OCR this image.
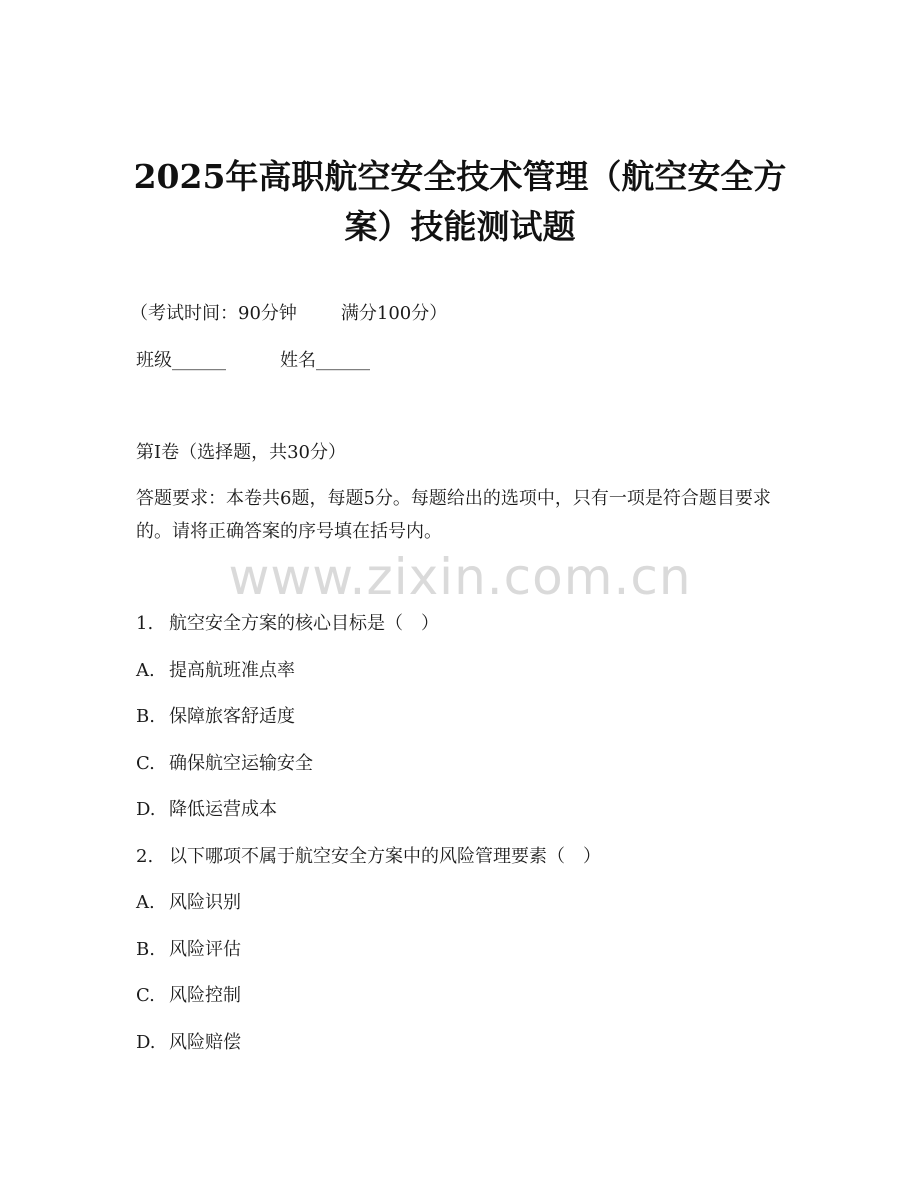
2025年高职航空安全技术管理（航空安全方案）技能测试题
（考试时间：90分钟 满分100分）
班级______	姓名______
第Ⅰ卷（选择题，共30分）
答题要求：本卷共6题，每题5分。每题给出的选项中，只有一项是符合题目要求的。请将正确答案的序号填在括号内。
1. 航空安全方案的核心目标是（　）
A. 提高航班准点率
B. 保障旅客舒适度
C. 确保航空运输安全
D. 降低运营成本
2. 以下哪项不属于航空安全方案中的风险管理要素（　）
A. 风险识别
B. 风险评估
C. 风险控制
D. 风险赔偿
www.zixin.com.cn
